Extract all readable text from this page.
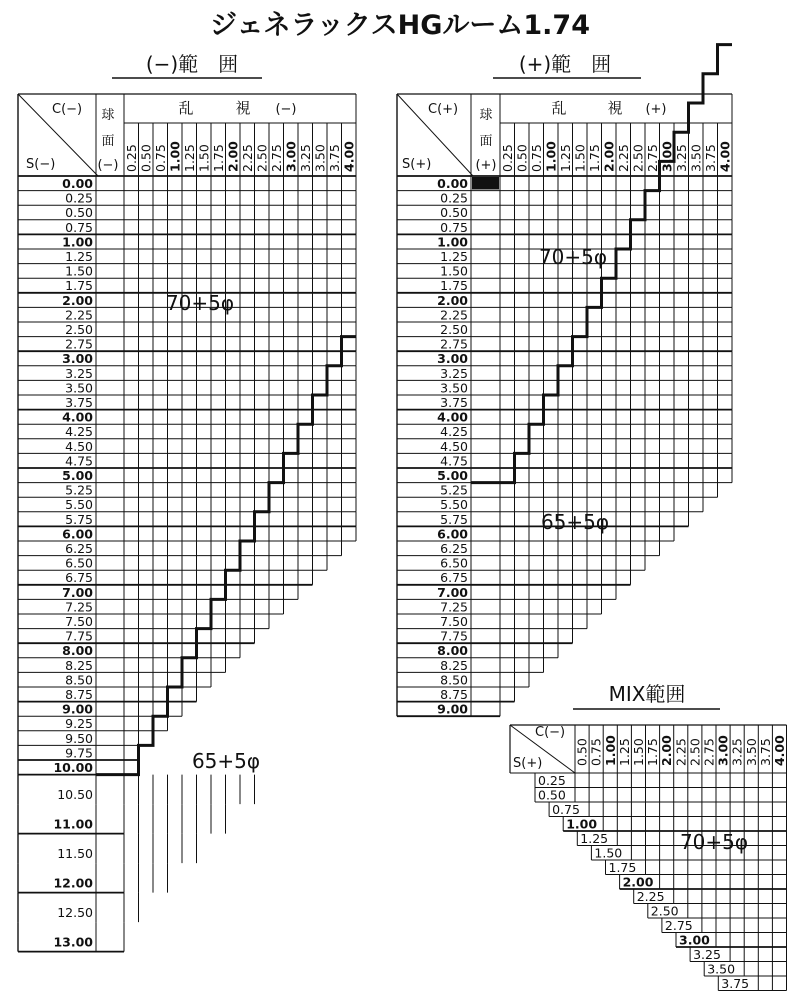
ジェネラックスHGルーム1.74
(−)範　囲
0.25 0.50 0.75 1.00 1.25 1.50 1.75 2.00 2.25 2.50 2.75 3.00 3.25 3.50 3.75 4.00
0.00
0.25
0.50
0.75
1.00
1.25
1.50
1.75
2.00
2.25
2.50
2.75
3.00
3.25
3.50
3.75
4.00
4.25
4.50
4.75
5.00
5.25
5.50
5.75
6.00
6.25
6.50
6.75
7.00
7.25
7.50
7.75
8.00
8.25
8.50
8.75
9.00
9.25
9.50
9.75
10.00
10.50
11.00
11.50
12.00
12.50
13.00
C(−)
S(−)
球
面
(−)
乱	視 (−)
70+5φ
65+5φ
(+)範　囲
0.25 0.50 0.75 1.00 1.25 1.50 1.75 2.00 2.25 2.50 2.75 3.00 3.25 3.50 3.75 4.00
0.00
0.25
0.50
0.75
1.00
1.25
1.50
1.75
2.00
2.25
2.50
2.75
3.00
3.25
3.50
3.75
4.00
4.25
4.50
4.75
5.00
5.25
5.50
5.75
6.00
6.25
6.50
6.75
7.00
7.25
7.50
7.75
8.00
8.25
8.50
8.75
9.00
C(+)
S(+)
球
面
(+)
乱	視 (+)
70+5φ
65+5φ
MIX範囲
0.50 0.75 1.00 1.25 1.50 1.75 2.00 2.25 2.50 2.75 3.00 3.25 3.50 3.75 4.00
0.25
0.50
0.75
1.00
1.25
1.50
1.75
2.00
2.25
2.50
2.75
3.00
3.25
3.50
3.75
C(−)
S(+)
70+5φ
